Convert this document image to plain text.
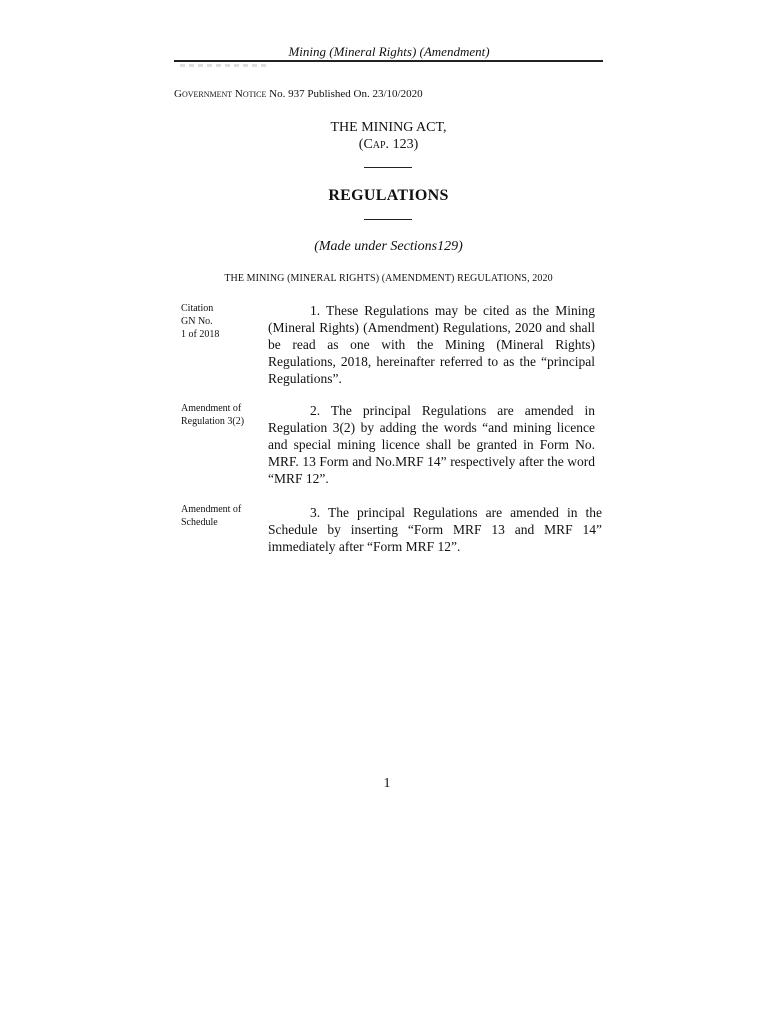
Mining (Mineral Rights) (Amendment)
Government Notice No. 937 Published On. 23/10/2020
THE MINING ACT,
(Cap. 123)
REGULATIONS
(Made under Sections129)
THE MINING (MINERAL RIGHTS) (AMENDMENT) REGULATIONS, 2020
Citation
GN No.
1 of 2018
1. These Regulations may be cited as the Mining (Mineral Rights) (Amendment) Regulations, 2020 and shall be read as one with the Mining (Mineral Rights) Regulations, 2018, hereinafter referred to as the “principal Regulations”.
Amendment of
Regulation 3(2)
2. The principal Regulations are amended in Regulation 3(2) by adding the words “and mining licence and special mining licence shall be granted in Form No. MRF. 13 Form and No.MRF 14” respectively after the word “MRF 12”.
Amendment of
Schedule
3. The principal Regulations are amended in the Schedule by inserting “Form MRF 13 and MRF 14” immediately after “Form MRF 12”.
1
